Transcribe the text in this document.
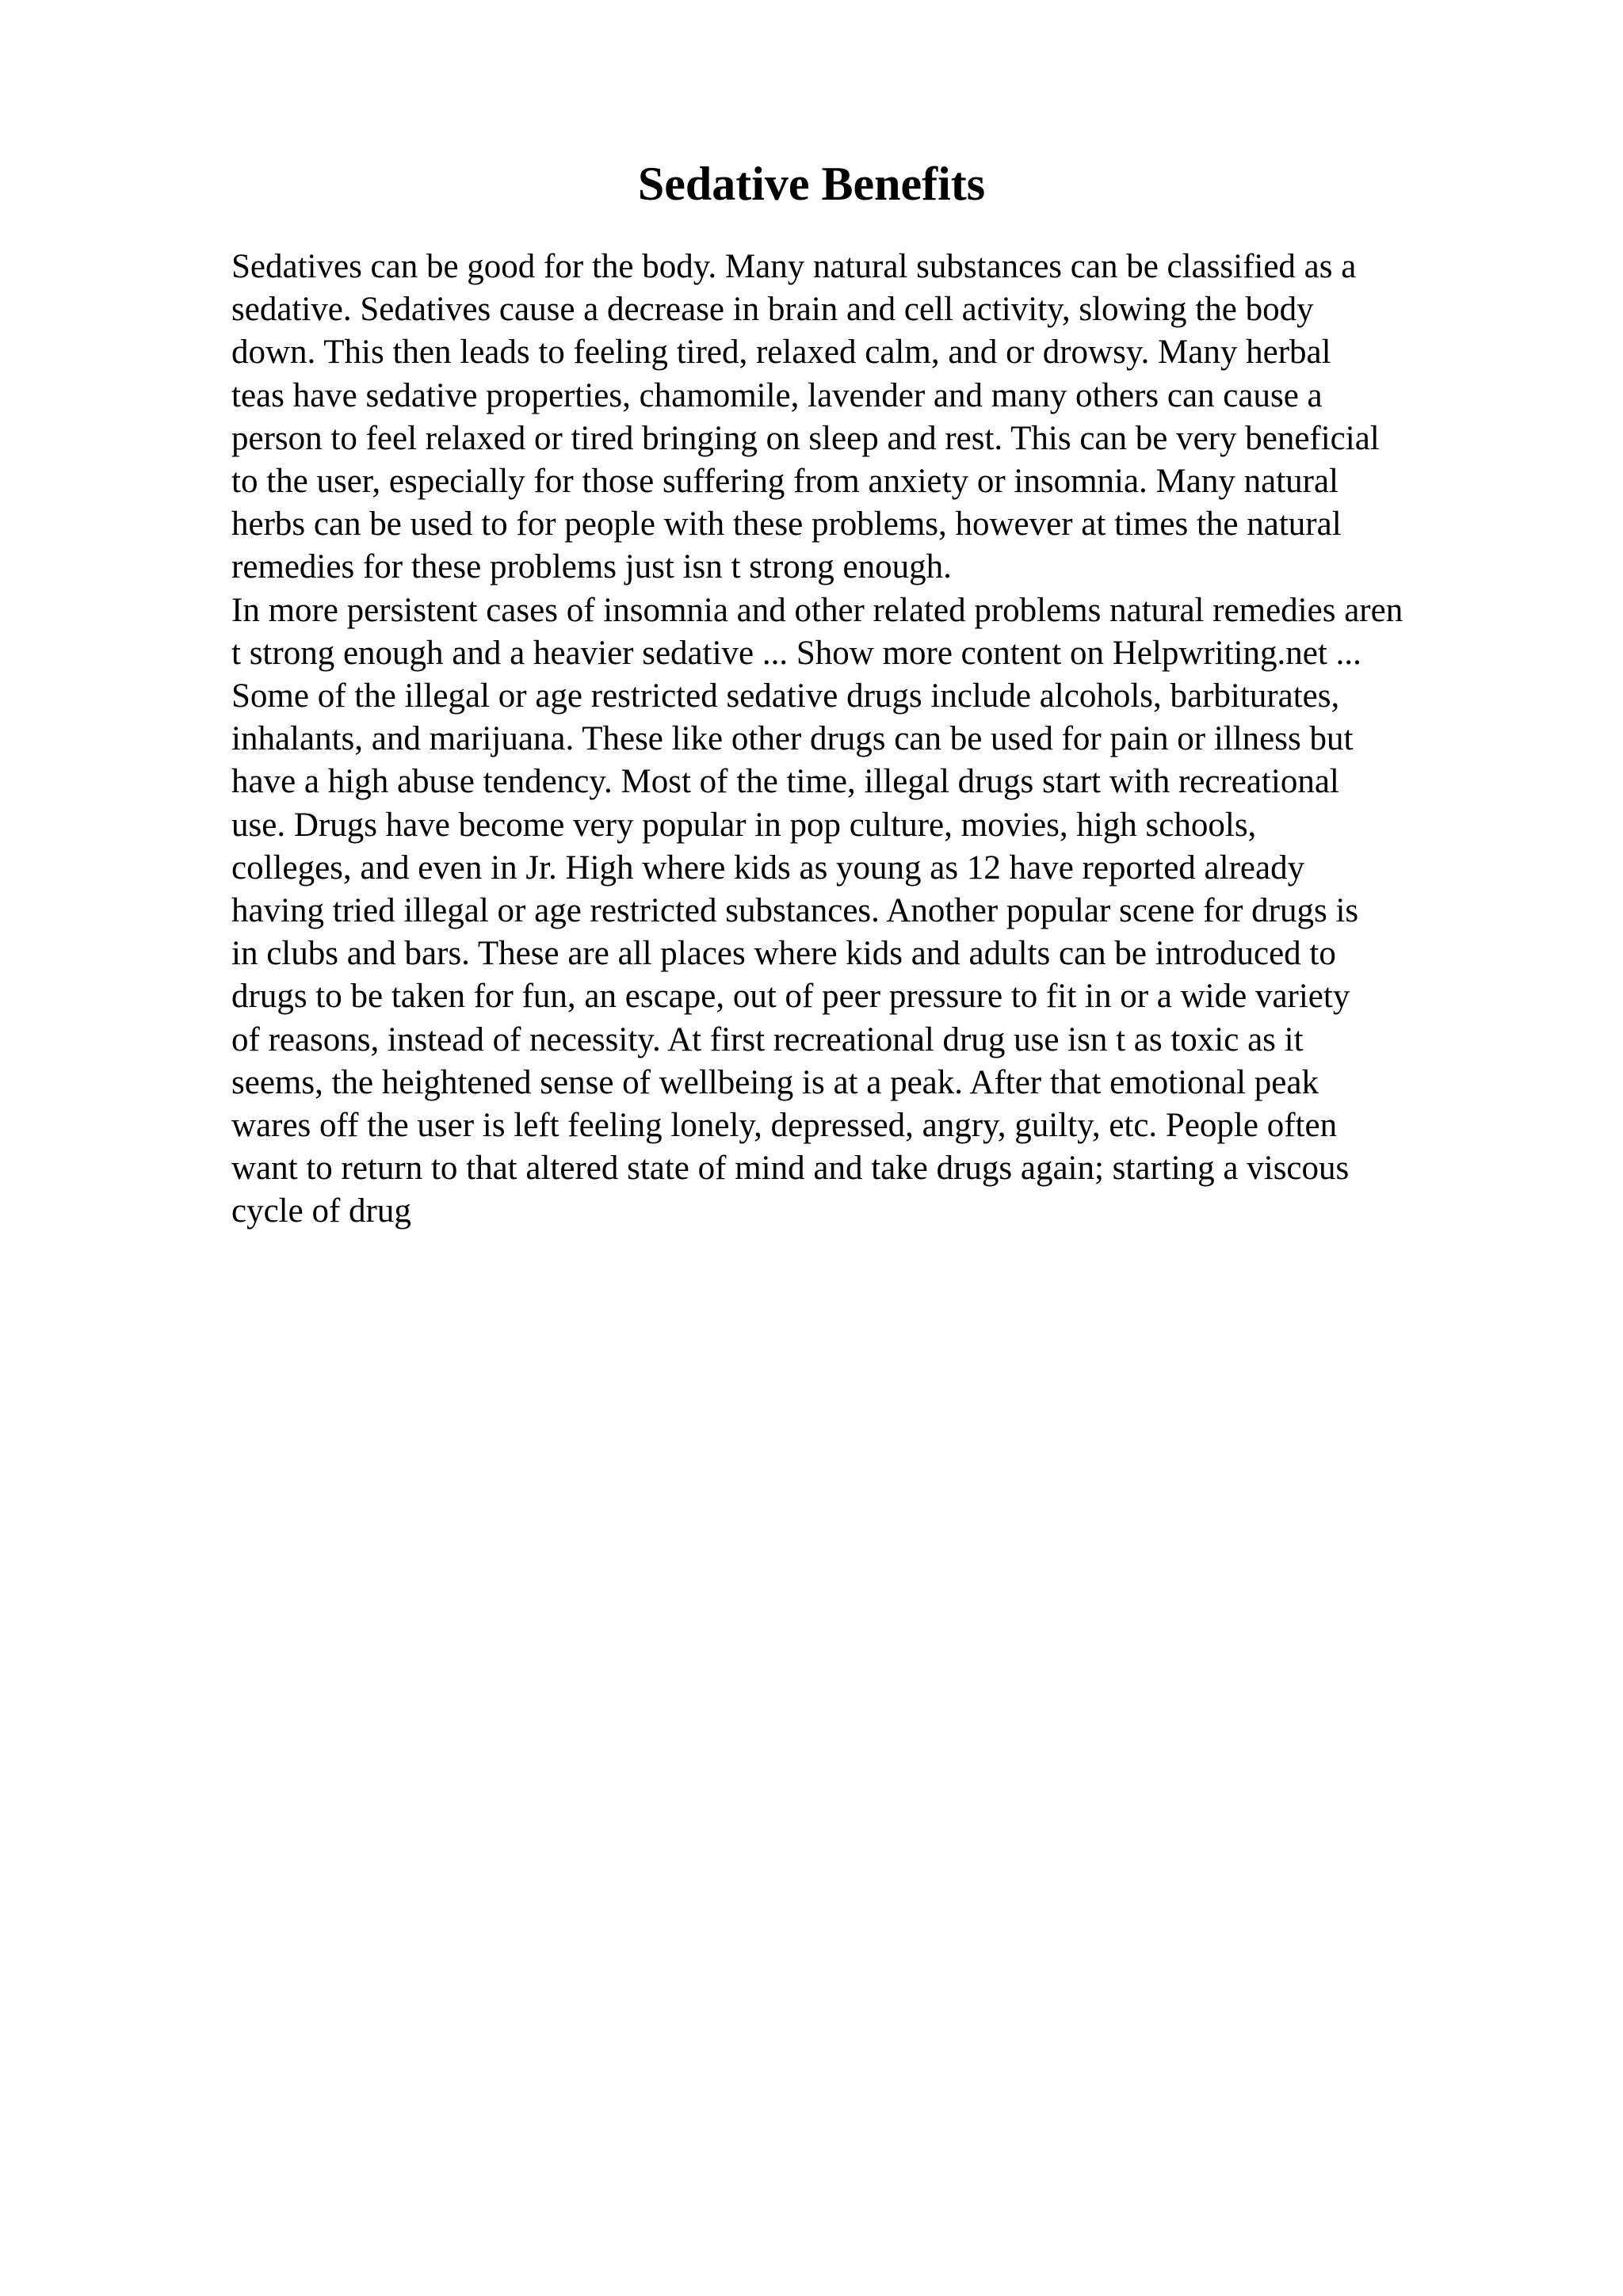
Sedative Benefits
Sedatives can be good for the body. Many natural substances can be classified as a
sedative. Sedatives cause a decrease in brain and cell activity, slowing the body
down. This then leads to feeling tired, relaxed calm, and or drowsy. Many herbal
teas have sedative properties, chamomile, lavender and many others can cause a
person to feel relaxed or tired bringing on sleep and rest. This can be very beneficial
to the user, especially for those suffering from anxiety or insomnia. Many natural
herbs can be used to for people with these problems, however at times the natural
remedies for these problems just isn t strong enough.
In more persistent cases of insomnia and other related problems natural remedies aren
t strong enough and a heavier sedative ... Show more content on Helpwriting.net ...
Some of the illegal or age restricted sedative drugs include alcohols, barbiturates,
inhalants, and marijuana. These like other drugs can be used for pain or illness but
have a high abuse tendency. Most of the time, illegal drugs start with recreational
use. Drugs have become very popular in pop culture, movies, high schools,
colleges, and even in Jr. High where kids as young as 12 have reported already
having tried illegal or age restricted substances. Another popular scene for drugs is
in clubs and bars. These are all places where kids and adults can be introduced to
drugs to be taken for fun, an escape, out of peer pressure to fit in or a wide variety
of reasons, instead of necessity. At first recreational drug use isn t as toxic as it
seems, the heightened sense of wellbeing is at a peak. After that emotional peak
wares off the user is left feeling lonely, depressed, angry, guilty, etc. People often
want to return to that altered state of mind and take drugs again; starting a viscous
cycle of drug
